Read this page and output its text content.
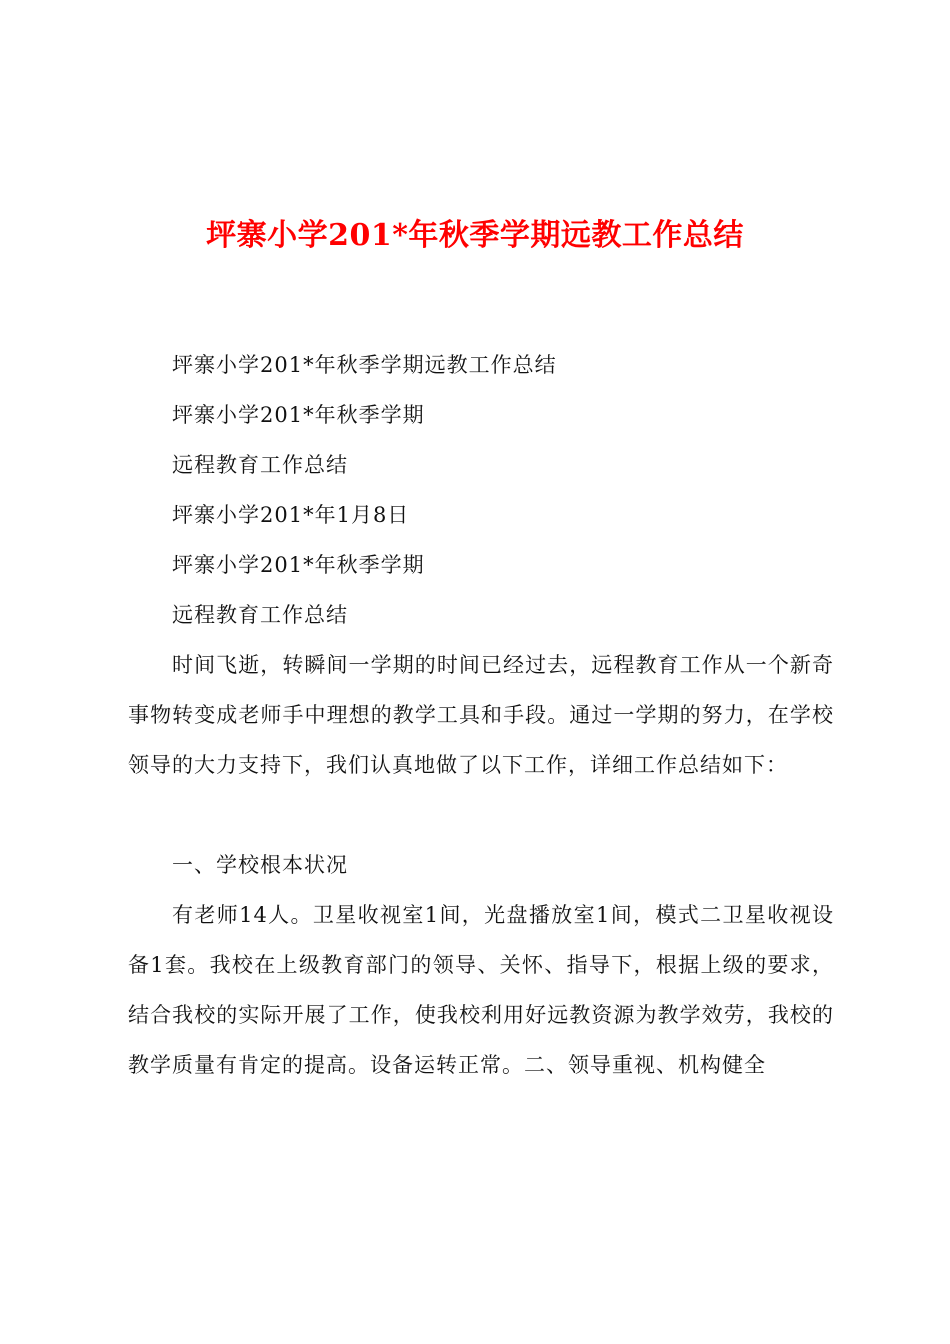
坪寨小学201*年秋季学期远教工作总结
坪寨小学201*年秋季学期远教工作总结
坪寨小学201*年秋季学期
远程教育工作总结
坪寨小学201*年1月8日
坪寨小学201*年秋季学期
远程教育工作总结

时间飞逝，转瞬间一学期的时间已经过去，远程教育工作从一个新奇事物转变成老师手中理想的教学工具和手段。通过一学期的努力，在学校领导的大力支持下，我们认真地做了以下工作，详细工作总结如下：

一、学校根本状况

有老师14人。卫星收视室1间，光盘播放室1间，模式二卫星收视设备1套。我校在上级教育部门的领导、关怀、指导下，根据上级的要求，结合我校的实际开展了工作，使我校利用好远教资源为教学效劳，我校的教学质量有肯定的提高。设备运转正常。二、领导重视、机构健全
